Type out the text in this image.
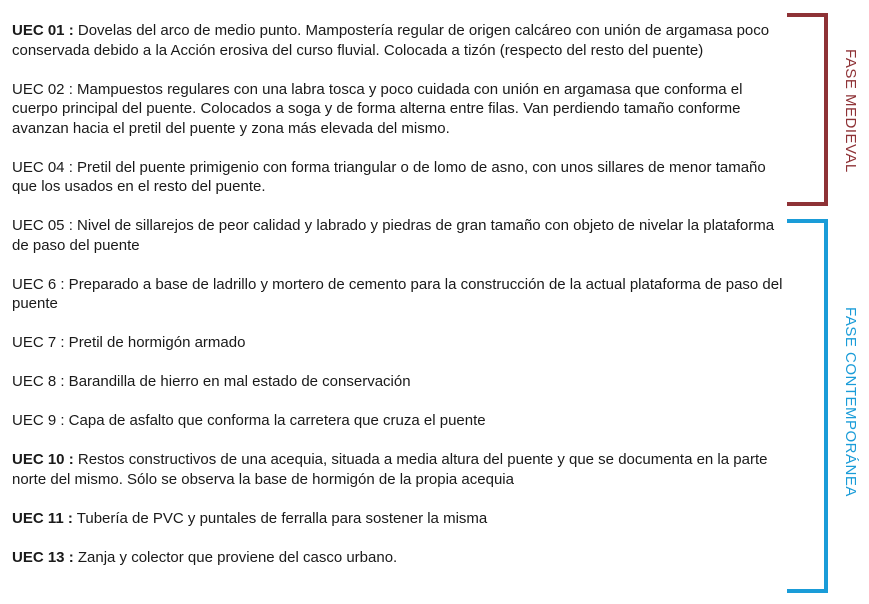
UEC 01 : Dovelas del arco de medio punto. Mampostería regular de origen calcáreo con unión de argamasa poco conservada debido a la Acción erosiva del curso fluvial. Colocada a tizón (respecto del resto del puente)

UEC 02 : Mampuestos regulares con una labra tosca y poco cuidada con unión en argamasa que conforma el cuerpo principal del puente. Colocados a soga y de forma alterna entre filas. Van perdiendo tamaño conforme avanzan hacia el pretil del puente y zona más elevada del mismo.

UEC 04 : Pretil del puente primigenio con forma triangular o de lomo de asno, con unos sillares de menor tamaño que los usados en el resto del puente.

UEC 05 : Nivel de sillarejos de peor calidad y labrado y piedras de gran tamaño con objeto de nivelar la plataforma de paso del puente

UEC 6 : Preparado a base de ladrillo y mortero de cemento para la construcción de la actual plataforma de paso del puente

UEC 7 : Pretil de hormigón armado

UEC 8 : Barandilla de hierro en mal estado de conservación

UEC 9 : Capa de asfalto que conforma la carretera que cruza el puente

UEC 10 : Restos constructivos de una acequia, situada a media altura del puente y que se documenta en la parte norte del mismo. Sólo se observa la base de hormigón de la propia acequia

UEC 11 : Tubería de PVC y puntales de ferralla para sostener la misma

UEC 13 : Zanja y colector que proviene del casco urbano.

FASE MEDIEVAL
FASE CONTEMPORÁNEA
